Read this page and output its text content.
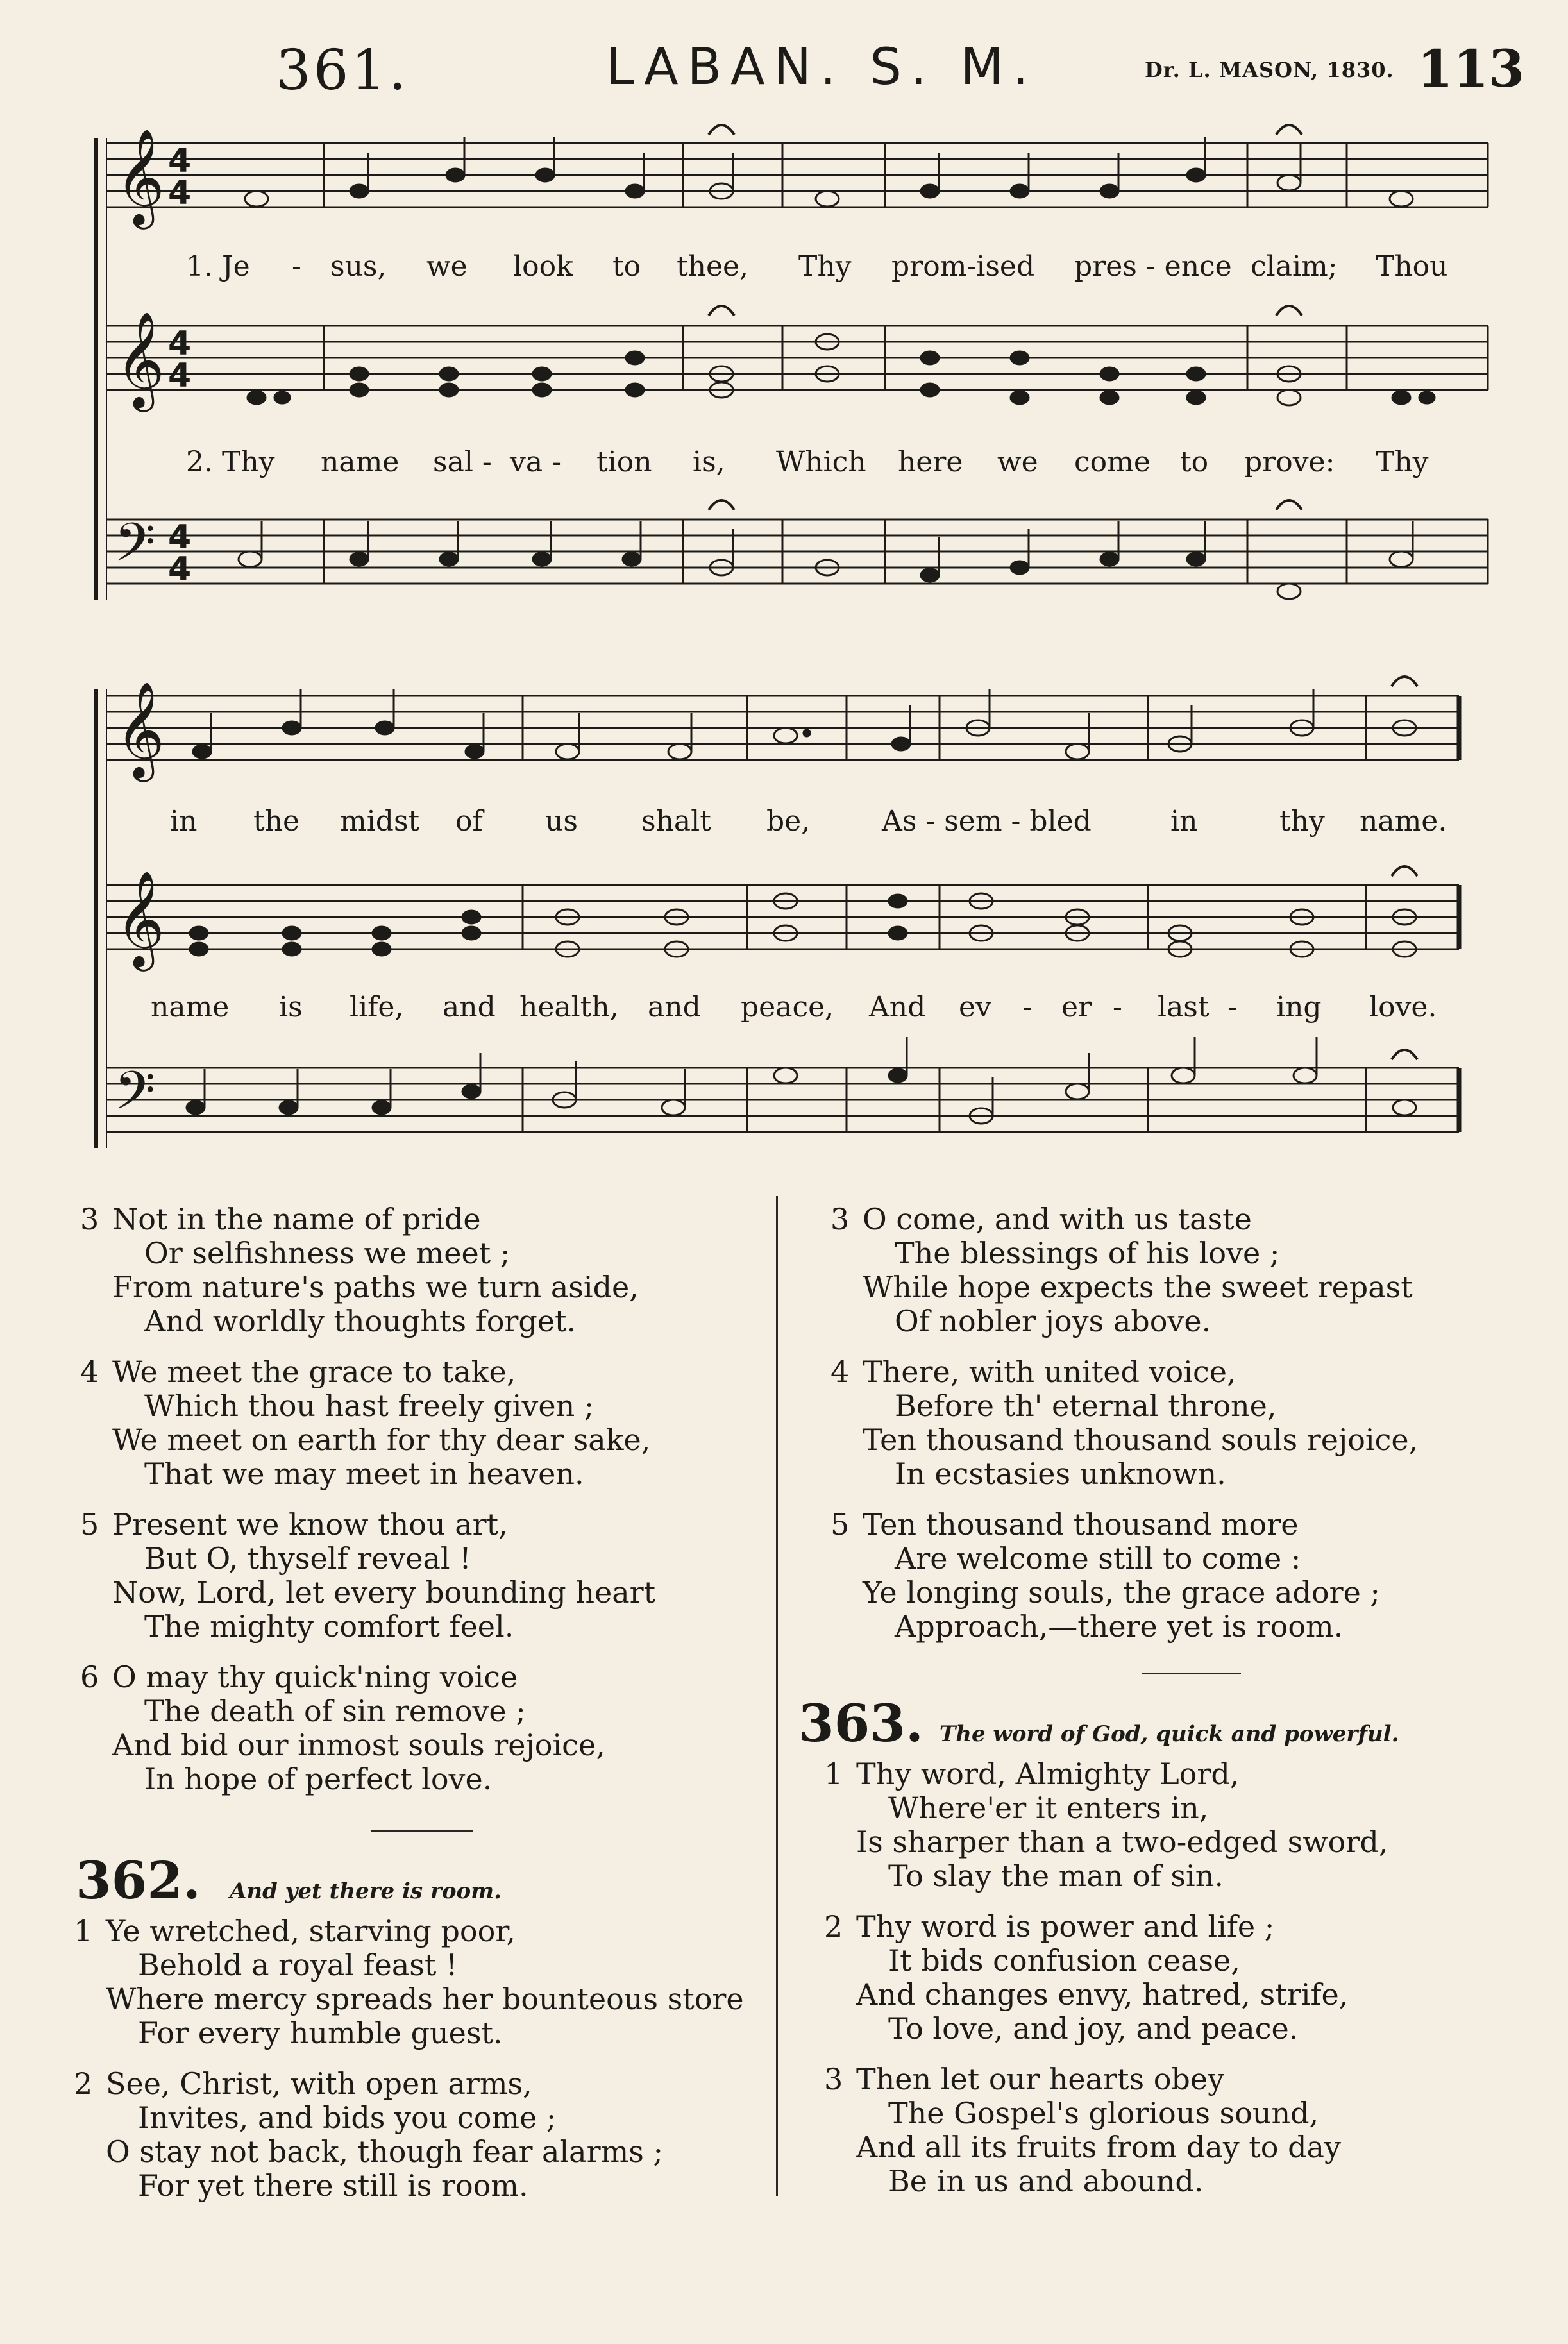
361.	LABAN. S. M.	Dr. L. MASON, 1830. 113
𝄞 4
4
𝄞 4
4
𝄢 4
4
𝄞
𝄞
𝄢
1. Je - sus, we look to thee, Thy prom-ised pres - ence claim; Thou
2. Thy name sal - va - tion is, Which here we come to prove: Thy
in the midst of us shalt be,	As - sem - bled	in	thy name.
name is life, and health, and peace, And ev - er - last - ing love.
3 Not in the name of pride
Or selfishness we meet ;
From nature's paths we turn aside,
And worldly thoughts forget.
4 We meet the grace to take,
Which thou hast freely given ;
We meet on earth for thy dear sake,
That we may meet in heaven.
5 Present we know thou art,
But O, thyself reveal !
Now, Lord, let every bounding heart
The mighty comfort feel.
6 O may thy quick'ning voice
The death of sin remove ;
And bid our inmost souls rejoice,
In hope of perfect love.
362. And yet there is room.
1 Ye wretched, starving poor,
Behold a royal feast !
Where mercy spreads her bounteous store
For every humble guest.
2 See, Christ, with open arms,
Invites, and bids you come ;
O stay not back, though fear alarms ;
For yet there still is room.
3 O come, and with us taste
The blessings of his love ;
While hope expects the sweet repast
Of nobler joys above.
4 There, with united voice,
Before th' eternal throne,
Ten thousand thousand souls rejoice,
In ecstasies unknown.
5 Ten thousand thousand more
Are welcome still to come :
Ye longing souls, the grace adore ;
Approach,—there yet is room.
363. The word of God, quick and powerful.
1 Thy word, Almighty Lord,
Where'er it enters in,
Is sharper than a two-edged sword,
To slay the man of sin.
2 Thy word is power and life ;
It bids confusion cease,
And changes envy, hatred, strife,
To love, and joy, and peace.
3 Then let our hearts obey
The Gospel's glorious sound,
And all its fruits from day to day
Be in us and abound.
